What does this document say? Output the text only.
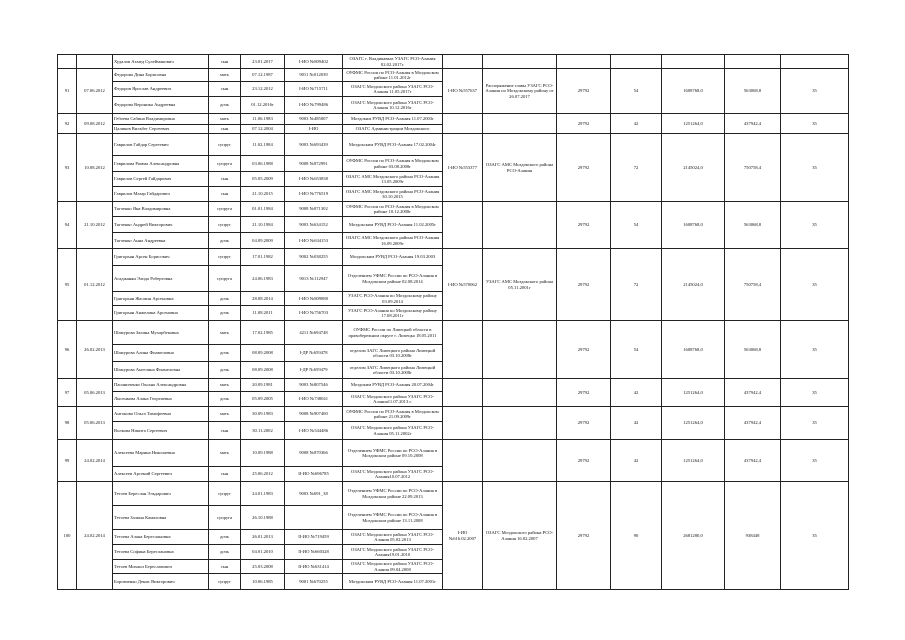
		Худалов Ахмед Сулейманович	сын	23.01.2017	I-ИО №809402	ОЗАГС г. Владикавказ УЗАГС РСО-Алания 02.02.2017г.							
91	07.06.2012	Федорова Дина Борисовна	мать	07.12.1987	9011 №012039	ОУФМС России по РСО-Алания в Моздокском районе 11.01.2012г	I-ИО №557637	Распоряжение главы УЗАГС РСО-Алания по Моздокскому району от 26.07.2017	29792	54	1608768,0	563068,8	35
		Федоров Ярослав Андреевич	сын	23.12.2012	I-ИО №715711	ОЗАГС Моздокского района УЗАГС РСО-Алания 11.05.2017г							
		Федорова Вероника Андреевна	дочь	01.12.2016г	I-ИО №799486	ОЗАГС Моздокского района УЗАГС РСО-Алания 10.12.2016г							
92	09.08.2012	Гебоева Сабина Владимировна	мать	11.06.1983	9003 №485007	Моздоким РУВД РСО-Алания 11.07.2003г			29792	42	1251264,0	437942,4	35
		Цаликов Вильбег Сергеевич	сын	07.12.2004	I-ИО	ОЗАГС Администрации Моздокского							
93	10.08.2012	Гаврилов Гайдар Сергеевич	супруг	11.02.1984	9003 №693439	Моздокским РУВД РСО-Алания 17.02.2004г	I-ИО №553377	ОЗАГС АМС Моздокского района РСО-Алания	29792	72	2145024,0	750758,4	35
		Гаврилова Римма Александровна	супруга	03.06.1988	9008 №872991	ОУФМС России по РСО-Алания в Моздокском районе 03.08.2008г							
		Гаврилов Сергей Гайдарович	сын	05.05.2009	I-ИО №653830	ОЗАГС АМС Моздокского района РСО-Алания 13.05.2009г							
		Гаврилов Мазар Гайдарович	сын	21.10.2015	I-ИО №776519	ОЗАГС АМС Моздокского района РСО-Алания 30.10.2015							
94	21.10.2012	Тягченко Яна Владимировна	супруга	01.01.1984	9008 №871302	ОУФМС России по РСО-Алания в Моздокском районе 10.12.2008г			29792	54	1608768,0	563068,8	35
		Тягченко Андрей Викторович	супруг	21.10.1984	9003 №634152	Моздокским РУВД РСО-Алания 11.02.2005г							
		Тягченко Анна Андреевна	дочь	04.09.2009	I-ИО №634153	ОЗАГС АМС Моздокского района РСО-Алания 16.09.2009г							
95	01.12.2012	Григорьян Арсен Борисович	супруг	17.01.1982	9002 №038255	Моздокским РУВД РСО-Алания 19.03.2003	I-ИО №570062	УЗАГС АМС Моздокского района 05.11.2001г	29792	72	2145024,0	750758,4	35
		Агаджанян Элида Робертовна	супруга	24.06.1983	9013 №112947	Отделением УФМС России по РСО-Алания в Моздокском районе 02.08.2014							
		Григорьян Жасмин Арсеновна	дочь	28.08.2014	I-ИО №809880	УЗАГС РСО-Алания по Моздокскому району 03.09.2014							
		Григорьян Анжелина Арсеновна	дочь	11.08.2011	I-ИО №756703	УЗАГС РСО-Алания по Моздокскому району 17.08.2011г							
96	26.02.2013	Шамурова Залина Мухарбековна	мать	17.02.1985	4211 №694748	ОУФМС России по Липецкой области в правобережном округе г. Липецка 18.05.2011			29792	54	1608768,0	563068,8	35
		Шамурова Алина Фиамеловна	дочь	08.09.2008	I-ДР №659478	отделом ЗАГС Липецкого района Липецкой области 03.10.2008г							
		Шамурова Ангелина Фиамеловна	дочь	08.09.2008	I-ДР №659479	отделом ЗАГС Липецкого района Липецкой области 03.10.2008г							
97	05.06.2013	Пасиниченко Оксана Александровна	мать	20.09.1981	9003 №807546	Моздоким РУВД РСО-Алания 20.07.2004г			29792	42	1251264,0	437942,4	35
		Лысенкова Алана Георгиевна	дочь	05.09.2005	I-ИО №738041	ОЗАГС Моздокского района УЗАГС РСО-Алания11.07.2013 г.							
98	05.06.2013	Антонова Ольга Тимофеевна	мать	30.09.1983	9008 №907400	ОУФМС России по РСО-Алания в Моздокском районе 21.09.2009г			29792	42	1251264,0	437942,4	35
		Волкова Никита Сергеевич	сын	30.11.2002	I-ИО №544486	ОЗАГС Моздокского района УЗАГС РСО-Алания 05.11.2002г							
99	24.02.2014	Алексеева Марина Николаевна	мать	10.09.1988	9008 №870366	Отделением УФМС России по РСО-Алания в Моздокском районе 09.10.2008			29792	42	1251264,0	437942,4	35
		Алексеев Арсений Сергеевич	сын	25.06.2012	II-ИО №696785	ОЗАГС Моздокского района УЗАГС РСО-Алания10.07.2012							
100	24.02.2014	Тетоев Береслан Эльдарович	супруг	24.01.1983	9003 №691_38	Отделением УФМС России по РСО-Алания в Моздокском районе 22.09.2013	I-ИО №616.02.2007	ОЗАГС Моздокского района РСО-Алания 16.02.2007	29792	90	2681280,0	938448	35
		Тетоева Залина Камаловна	супруга	26.10.1988		Отделением УФМС России по РСО-Алания в Моздокском районе 13.11.2008							
		Тетоева Алана Береслановна	дочь	26.01.2013	II-ИО №719459	ОЗАГС Моздокского района УЗАГС РСО-Алания 05.02.2013							
		Тетоева Софина Береслановна	дочь	04.01.2010	II-ИО №660328	ОЗАГС Моздокского района УЗАГС РСО-Алания19.01.2010							
		Тетоев Михаил Береславович	сын	25.03.2008	II-ИО №631414	ОЗАГС Моздокского района УЗАГС РСО-Алания 09.04.2008							
		Боровченко Денис Викторович	супруг	10.06.1985	9001 №670255	Моздокским РУВД РСО-Алания 11.07.2001г							
